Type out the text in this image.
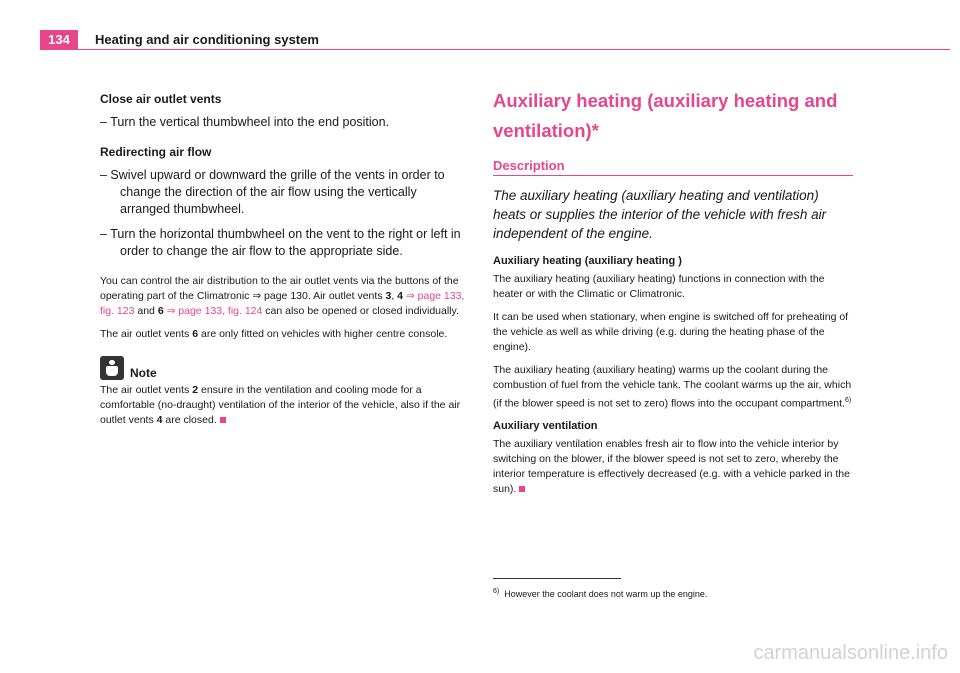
134	Heating and air conditioning system

Close air outlet vents

– Turn the vertical thumbwheel into the end position.

Redirecting air flow

– Swivel upward or downward the grille of the vents in order to change the direction of the air flow using the vertically arranged thumbwheel.

– Turn the horizontal thumbwheel on the vent to the right or left in order to change the air flow to the appropriate side.

You can control the air distribution to the air outlet vents via the buttons of the operating part of the Climatronic ⇒ page 130. Air outlet vents 3, 4 ⇒ page 133, fig. 123 and 6 ⇒ page 133, fig. 124 can also be opened or closed individually.

The air outlet vents 6 are only fitted on vehicles with higher centre console.

Note

The air outlet vents 2 ensure in the ventilation and cooling mode for a comfortable (no-draught) ventilation of the interior of the vehicle, also if the air outlet vents 4 are closed.

Auxiliary heating (auxiliary heating and ventilation)*
Description

The auxiliary heating (auxiliary heating and ventilation) heats or supplies the interior of the vehicle with fresh air independent of the engine.

Auxiliary heating (auxiliary heating )

The auxiliary heating (auxiliary heating) functions in connection with the heater or with the Climatic or Climatronic.

It can be used when stationary, when engine is switched off for preheating of the vehicle as well as while driving (e.g. during the heating phase of the engine).

The auxiliary heating (auxiliary heating) warms up the coolant during the combustion of fuel from the vehicle tank. The coolant warms up the air, which (if the blower speed is not set to zero) flows into the occupant compartment.$^{6)}$

Auxiliary ventilation

The auxiliary ventilation enables fresh air to flow into the vehicle interior by switching on the blower, if the blower speed is not set to zero, whereby the interior temperature is effectively decreased (e.g. with a vehicle parked in the sun).

$^{6)}$ However the coolant does not warm up the engine.
carmanualsonline.info
